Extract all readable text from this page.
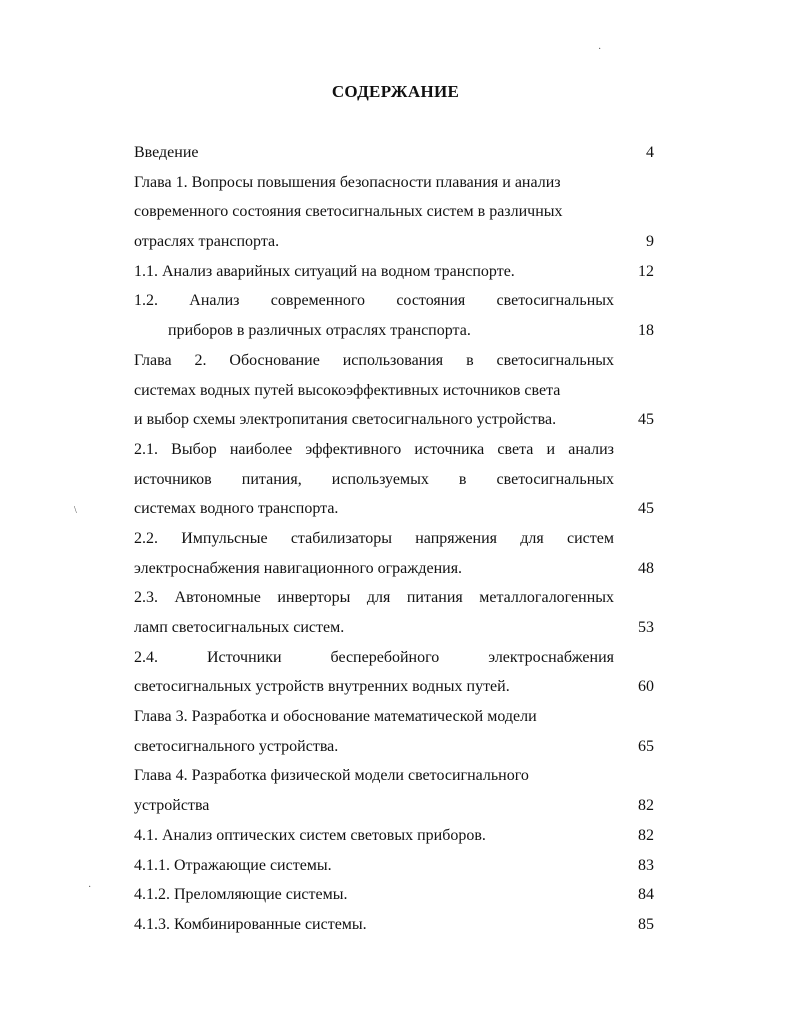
СОДЕРЖАНИЕ
Введение	4
Глава 1. Вопросы повышения безопасности плавания и анализ
современного состояния светосигнальных систем в различных
отраслях транспорта.	9
1.1. Анализ аварийных ситуаций на водном транспорте.	12
1.2. Анализ современного состояния светосигнальных
приборов в различных отраслях транспорта.	18
Глава 2. Обоснование использования в светосигнальных
системах водных путей высокоэффективных источников света
и выбор схемы электропитания светосигнального устройства.	45
2.1. Выбор наиболее эффективного источника света и анализ
источников питания, используемых в светосигнальных
системах водного транспорта.	45
2.2. Импульсные стабилизаторы напряжения для систем
электроснабжения навигационного ограждения.	48
2.3. Автономные инверторы для питания металлогалогенных
ламп светосигнальных систем.	53
2.4. Источники бесперебойного электроснабжения
светосигнальных устройств внутренних водных путей.	60
Глава 3. Разработка и обоснование математической модели
светосигнального устройства.	65
Глава 4. Разработка физической модели светосигнального
устройства	82
4.1. Анализ оптических систем световых приборов.	82
4.1.1. Отражающие системы.	83
4.1.2. Преломляющие системы.	84
4.1.3. Комбинированные системы.	85
\
·
·
